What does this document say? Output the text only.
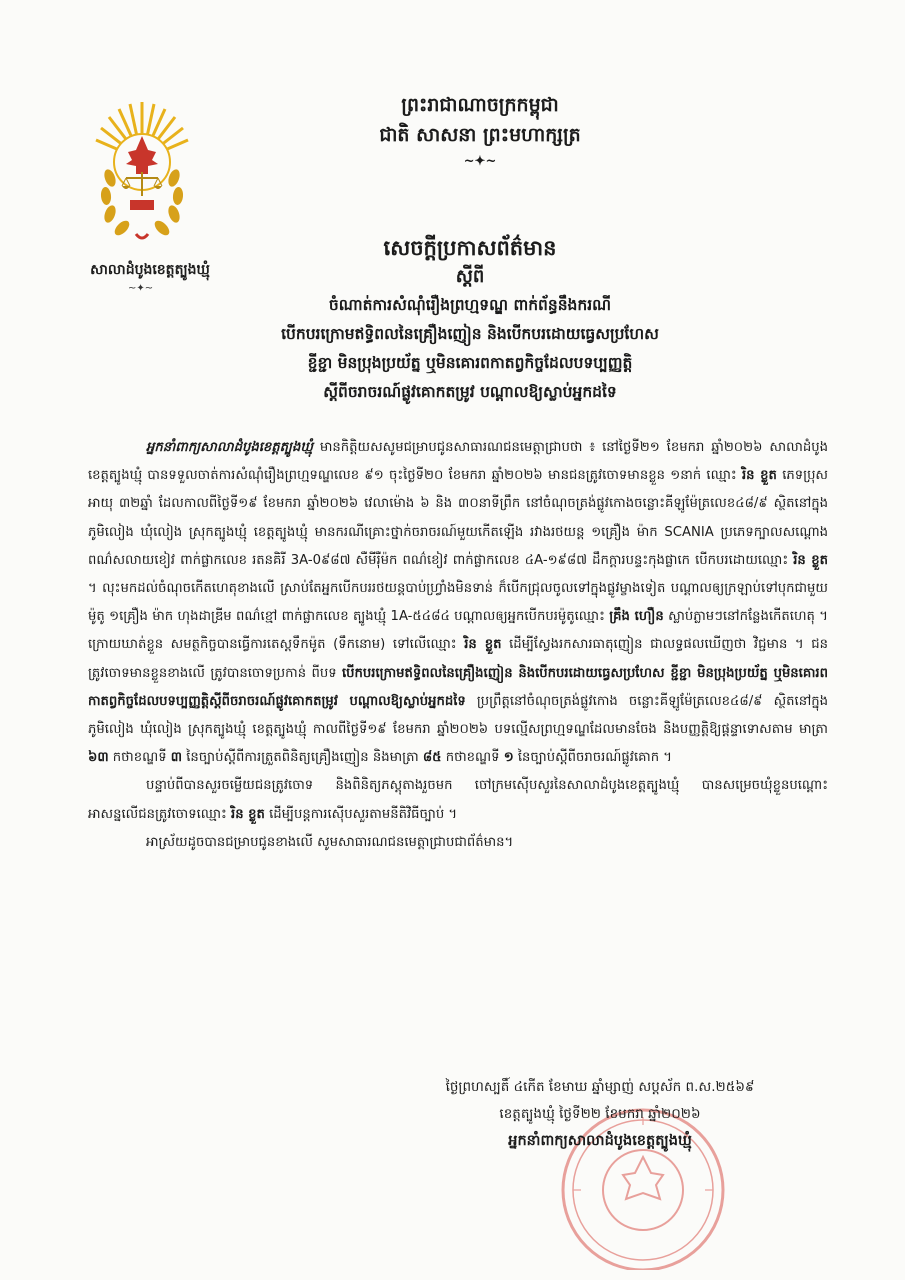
សាលាដំបូងខេត្តត្បូងឃ្មុំ
~✦~
ព្រះរាជាណាចក្រកម្ពុជា
ជាតិ សាសនា ព្រះមហាក្សត្រ
~✦~
សេចក្តីប្រកាសព័ត៌មាន
ស្តីពី
ចំណាត់ការសំណុំរឿងព្រហ្មទណ្ឌ ពាក់ព័ន្ធនឹងករណី
បើកបរក្រោមឥទ្ធិពលនៃគ្រឿងញៀន និងបើកបរដោយធ្វេសប្រហែស
ខ្ជីខ្ជា មិនប្រុងប្រយ័ត្ន ឬមិនគោរពកាតព្វកិច្ចដែលបទប្បញ្ញត្តិ
ស្តីពីចរាចរណ៍ផ្លូវគោកតម្រូវ បណ្តាលឱ្យស្លាប់អ្នកដទៃ

អ្នកនាំពាក្យសាលាដំបូងខេត្តត្បូងឃ្មុំ មានកិត្តិយសសូមជម្រាបជូនសាធារណជនមេត្តាជ្រាបថា ៖ នៅថ្ងៃទី២១ ខែមករា ឆ្នាំ២០២៦ សាលាដំបូងខេត្តត្បូងឃ្មុំ បានទទួលចាត់ការសំណុំរឿងព្រហ្មទណ្ឌលេខ ៩១ ចុះថ្ងៃទី២០ ខែមករា ឆ្នាំ២០២៦ មានជនត្រូវចោទមានខ្លួន ១នាក់ ឈ្មោះ រិន ខ្លួត ភេទប្រុស អាយុ ៣២ឆ្នាំ ដែលកាលពីថ្ងៃទី១៩ ខែមករា ឆ្នាំ២០២៦ វេលាម៉ោង ៦ និង ៣០នាទីព្រឹក នៅចំណុចត្រង់ផ្លូវកោងចន្លោះគីឡូម៉ែត្រលេខ៤៨/៩ ស្ថិតនៅក្នុងភូមិលៀង ឃុំលៀង ស្រុកត្បូងឃ្មុំ ខេត្តត្បូងឃ្មុំ មានករណីគ្រោះថ្នាក់ចរាចរណ៍មួយកើតឡើង រវាងរថយន្ត ១គ្រឿង ម៉ាក SCANIA ប្រភេទក្បាលសណ្តោង ពណ៌សលាយខៀវ ពាក់ផ្លាកលេខ រតនគិរី 3A-0៩៨៧ សឺមីរ៉ឺម៉ក ពណ៌ខៀវ ពាក់ផ្លាកលេខ ៤A-១៩៨៧ ដឹកក្តារបន្ទះកុងផ្លាកេ បើកបរដោយឈ្មោះ រិន ខ្លួត ។ លុះមកដល់ចំណុចកើតហេតុខាងលើ ស្រាប់តែអ្នកបើកបររថយន្តបាប់ហ្វ្រាំងមិនទាន់ ក៏បើកជ្រុលចូលទៅក្នុងផ្លូវម្ខាងទៀត បណ្តាលឲ្យក្រឡាប់ទៅបុកជាមួយម៉ូតូ ១គ្រឿង ម៉ាក ហុងដាឌ្រីម ពណ៌ខ្មៅ ពាក់ផ្លាកលេខ ត្បូងឃ្មុំ 1A-៥៤៨៤ បណ្តាលឲ្យអ្នកបើកបរម៉ូតូឈ្មោះ គ្រឹង ហឿន ស្លាប់ភ្លាមៗនៅកន្លែងកើតហេតុ ។ ក្រោយឃាត់ខ្លួន សមត្ថកិច្ចបានធ្វើការតេស្តទឹកម៉ូត (ទឹកនោម) ទៅលើឈ្មោះ រិន ខ្លួត ដើម្បីស្វែងរកសារធាតុញៀន ជាលទ្ធផលឃើញថា វិជ្ជមាន ។ ជនត្រូវចោទមានខ្លួនខាងលើ ត្រូវបានចោទប្រកាន់ ពីបទ បើកបរក្រោមឥទ្ធិពលនៃគ្រឿងញៀន និងបើកបរដោយធ្វេសប្រហែស ខ្ជីខ្ជា មិនប្រុងប្រយ័ត្ន ឬមិនគោរពកាតព្វកិច្ចដែលបទប្បញ្ញត្តិស្តីពីចរាចរណ៍ផ្លូវគោកតម្រូវ បណ្តាលឱ្យស្លាប់អ្នកដទៃ ប្រព្រឹត្តនៅចំណុចត្រង់ផ្លូវកោង ចន្លោះគីឡូម៉ែត្រលេខ៤៨/៩ ស្ថិតនៅក្នុងភូមិលៀង ឃុំលៀង ស្រុកត្បូងឃ្មុំ ខេត្តត្បូងឃ្មុំ កាលពីថ្ងៃទី១៩ ខែមករា ឆ្នាំ២០២៦ បទល្មើសព្រហ្មទណ្ឌដែលមានចែង និងបញ្ញត្តិឱ្យផ្តន្ទាទោសតាម មាត្រា ៦៣ កថាខណ្ឌទី ៣ នៃច្បាប់ស្តីពីការត្រួតពិនិត្យគ្រឿងញៀន និងមាត្រា ៨៥ កថាខណ្ឌទី ១ នៃច្បាប់ស្តីពីចរាចរណ៍ផ្លូវគោក ។

បន្ទាប់ពីបានសួរចម្លើយជនត្រូវចោទ និងពិនិត្យភស្តុតាងរួចមក ចៅក្រមស៊ើបសួរនៃសាលាដំបូងខេត្តត្បូងឃ្មុំ បានសម្រេចឃុំខ្លួនបណ្តោះអាសន្នលើជនត្រូវចោទឈ្មោះ រិន ខ្លួត ដើម្បីបន្តការស៊ើបសួរតាមនីតិវិធីច្បាប់ ។

អាស្រ័យដូចបានជម្រាបជូនខាងលើ សូមសាធារណជនមេត្តាជ្រាបជាព័ត៌មាន។

ថ្ងៃព្រហស្បតិ៍ ៤កើត ខែមាឃ ឆ្នាំម្សាញ់ សប្តស័ក ព.ស.២៥៦៩
ខេត្តត្បូងឃ្មុំ ថ្ងៃទី២២ ខែមករា ឆ្នាំ២០២៦
អ្នកនាំពាក្យសាលាដំបូងខេត្តត្បូងឃ្មុំ
